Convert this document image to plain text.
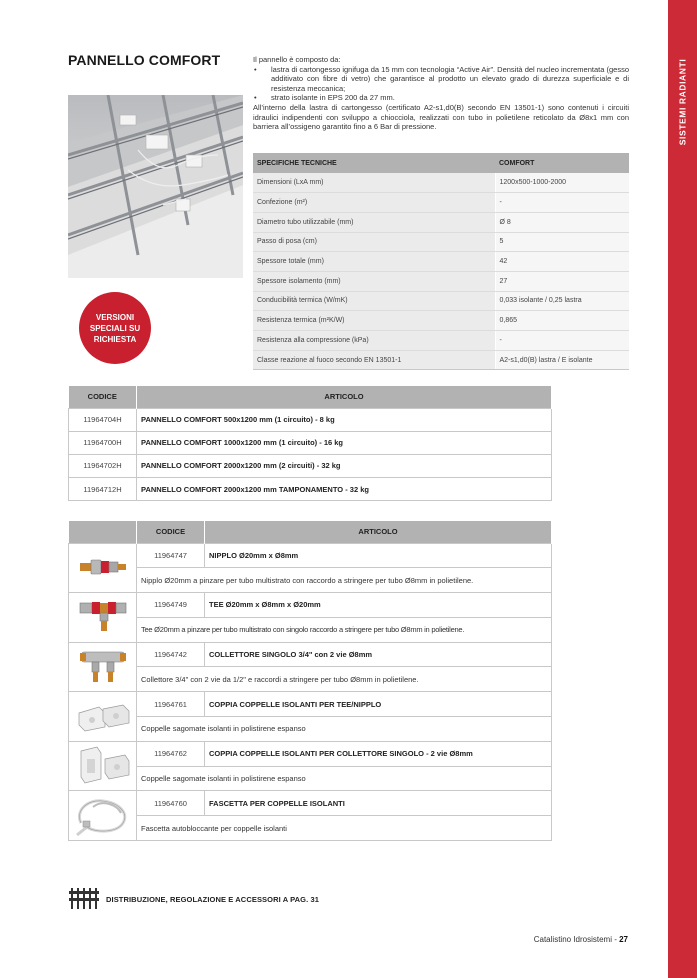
SISTEMI RADIANTI
PANNELLO COMFORT
VERSIONI
SPECIALI SU
RICHIESTA

Il pannello è composto da:

•	lastra di cartongesso ignifuga da 15 mm con tecnologia “Active Air”. Densità del nucleo incrementata (gesso additivato con fibre di vetro) che garantisce al prodotto un elevato grado di durezza superficiale e di resistenza meccanica;
•	strato isolante in EPS 200 da 27 mm.

All’interno della lastra di cartongesso (certificato A2-s1,d0(B) secondo EN 13501-1) sono contenuti i circuiti idraulici indipendenti con sviluppo a chiocciola, realizzati con tubo in polietilene reticolato da Ø8x1 mm con barriera all’ossigeno garantito fino a 6 Bar di pressione.

SPECIFICHE TECNICHE	COMFORT
Dimensioni (LxA mm)	1200x500-1000-2000
Confezione (m²)	-
Diametro tubo utilizzabile (mm)	Ø 8
Passo di posa (cm)	5
Spessore totale (mm)	42
Spessore isolamento (mm)	27
Conducibilità termica (W/mK)	0,033 isolante / 0,25 lastra
Resistenza termica (m²K/W)	0,865
Resistenza alla compressione (kPa)	-
Classe reazione al fuoco secondo EN 13501-1	A2-s1,d0(B) lastra / E isolante
CODICE	ARTICOLO
11964704H	PANNELLO COMFORT 500x1200 mm (1 circuito) - 8 kg
11964700H	PANNELLO COMFORT 1000x1200 mm (1 circuito) - 16 kg
11964702H	PANNELLO COMFORT 2000x1200 mm (2 circuiti) - 32 kg
11964712H	PANNELLO COMFORT 2000x1200 mm TAMPONAMENTO - 32 kg
	CODICE	ARTICOLO
	11964747	NIPPLO Ø20mm x Ø8mm
	Nipplo Ø20mm a pinzare per tubo multistrato con raccordo a stringere per tubo Ø8mm in polietilene.	
	11964749	TEE Ø20mm x Ø8mm x Ø20mm
	Tee Ø20mm a pinzare per tubo multistrato con singolo raccordo a stringere per tubo Ø8mm in polietilene.	
	11964742	COLLETTORE SINGOLO 3/4" con 2 vie Ø8mm
	Collettore 3/4" con 2 vie da 1/2" e raccordi a stringere per tubo Ø8mm in polietilene.	
	11964761	COPPIA COPPELLE ISOLANTI PER TEE/NIPPLO
	Coppelle sagomate isolanti in polistirene espanso	
	11964762	COPPIA COPPELLE ISOLANTI PER COLLETTORE SINGOLO - 2 vie Ø8mm
	Coppelle sagomate isolanti in polistirene espanso	
	11964760	FASCETTA PER COPPELLE ISOLANTI
	Fascetta autobloccante per coppelle isolanti	
DISTRIBUZIONE, REGOLAZIONE E ACCESSORI A PAG. 31
Catalistino Idrosistemi - 27
